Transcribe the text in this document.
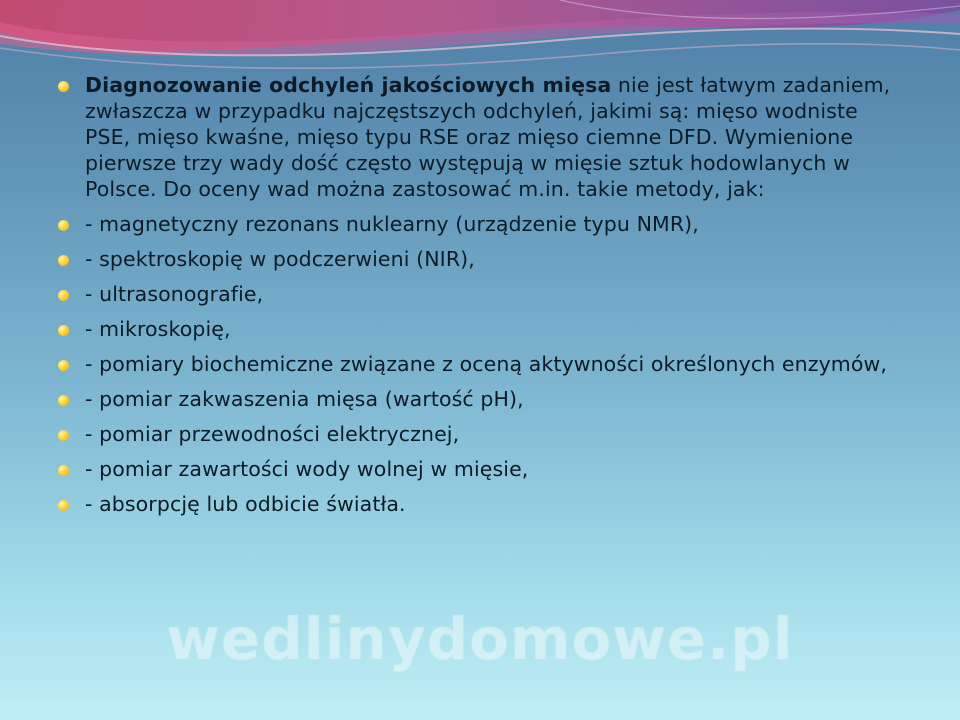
Diagnozowanie odchyleń jakościowych mięsa nie jest łatwym zadaniem, zwłaszcza w przypadku najczęstszych odchyleń, jakimi są: mięso wodniste PSE, mięso kwaśne, mięso typu RSE oraz mięso ciemne DFD. Wymienione pierwsze trzy wady dość często występują w mięsie sztuk hodowlanych w Polsce. Do oceny wad można zastosować m.in. takie metody, jak:
- magnetyczny rezonans nuklearny (urządzenie typu NMR),
- spektroskopię w podczerwieni (NIR),
- ultrasonografie,
- mikroskopię,
- pomiary biochemiczne związane z oceną aktywności określonych enzymów,
- pomiar zakwaszenia mięsa (wartość pH),
- pomiar przewodności elektrycznej,
- pomiar zawartości wody wolnej w mięsie,
- absorpcję lub odbicie światła.
wedlinydomowe.pl
